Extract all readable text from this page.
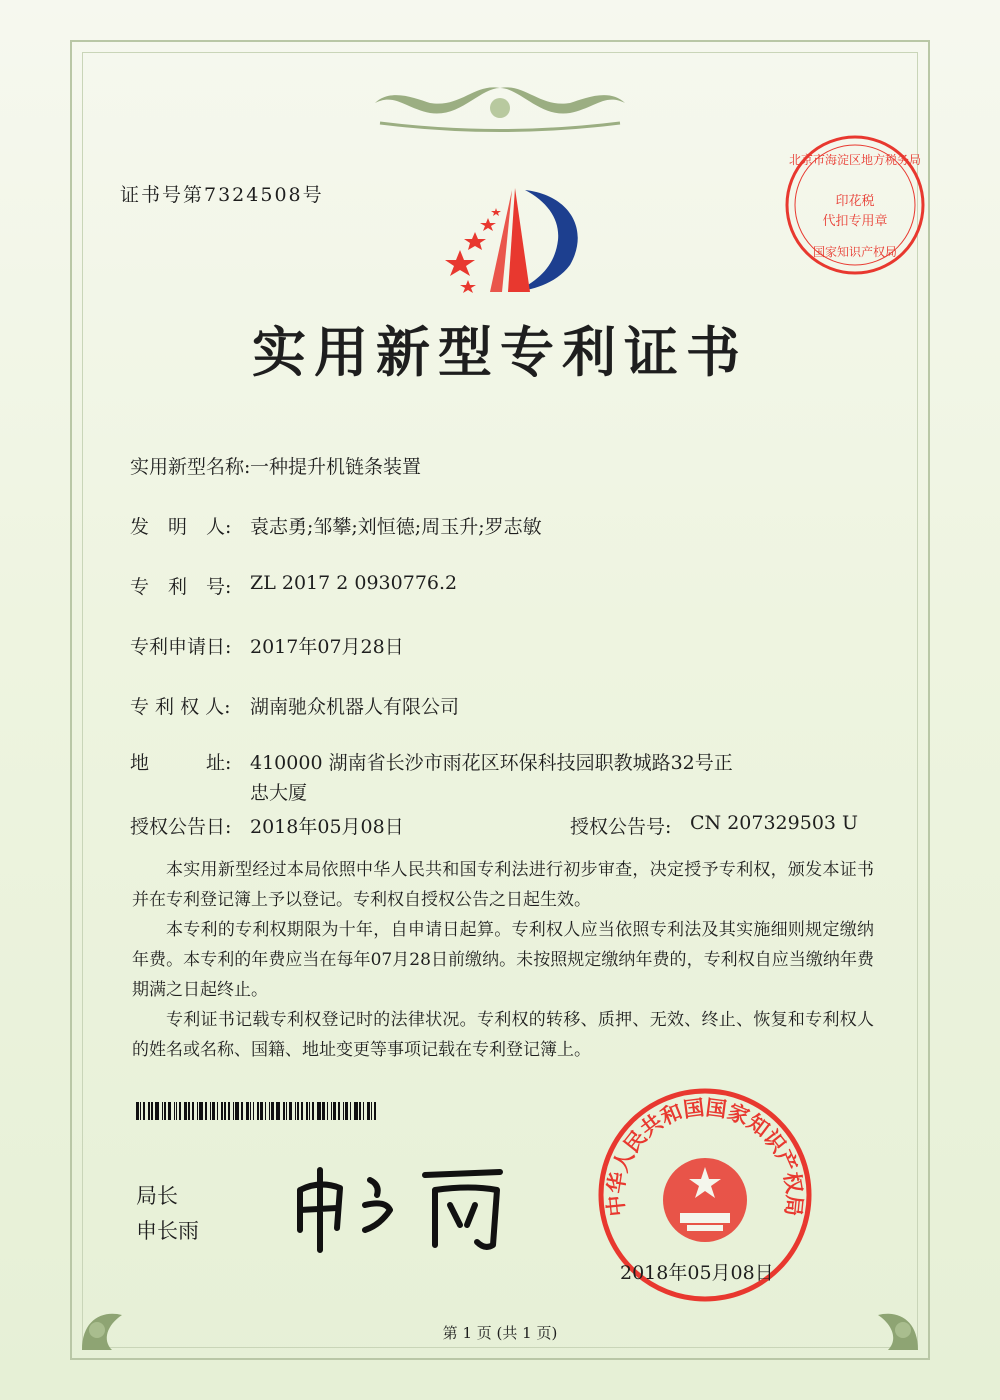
证书号第7324508号
北京市海淀区地方税务局
印花税
代扣专用章
国家知识产权局
实用新型专利证书
实用新型名称: 一种提升机链条装置
发　明　人: 袁志勇;邹攀;刘恒德;周玉升;罗志敏
专　利　号: ZL 2017 2 0930776.2
专利申请日: 2017年07月28日
专 利 权 人:	湖南驰众机器人有限公司
地　　　址: 410000 湖南省长沙市雨花区环保科技园职教城路32号正忠大厦
授权公告日: 2018年05月08日	授权公告号: CN 207329503 U
本实用新型经过本局依照中华人民共和国专利法进行初步审查，决定授予专利权，颁发本证书并在专利登记簿上予以登记。专利权自授权公告之日起生效。
本专利的专利权期限为十年，自申请日起算。专利权人应当依照专利法及其实施细则规定缴纳年费。本专利的年费应当在每年07月28日前缴纳。未按照规定缴纳年费的，专利权自应当缴纳年费期满之日起终止。
专利证书记载专利权登记时的法律状况。专利权的转移、质押、无效、终止、恢复和专利权人的姓名或名称、国籍、地址变更等事项记载在专利登记簿上。
局长
申长雨
中华人民共和国国家知识产权局
2018年05月08日
第 1 页 (共 1 页)
